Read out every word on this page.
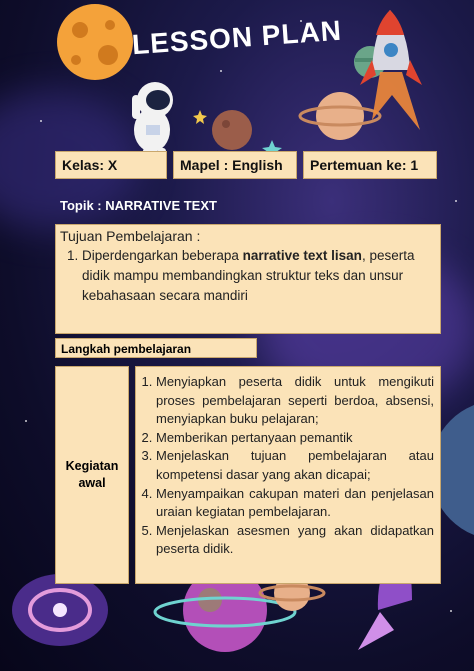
LESSON PLAN
Kelas: X	Mapel : English	Pertemuan ke: 1
Topik : NARRATIVE TEXT
Tujuan Pembelajaran :
1. Diperdengarkan beberapa narrative text lisan, peserta didik mampu membandingkan struktur teks dan unsur kebahasaan secara mandiri
Langkah pembelajaran
Kegiatan awal
1. Menyiapkan peserta didik untuk mengikuti proses pembelajaran seperti berdoa, absensi, menyiapkan buku pelajaran;
2. Memberikan pertanyaan pemantik
3. Menjelaskan tujuan pembelajaran atau kompetensi dasar yang akan dicapai;
4. Menyampaikan cakupan materi dan penjelasan uraian kegiatan pembelajaran.
5. Menjelaskan asesmen yang akan didapatkan peserta didik.
